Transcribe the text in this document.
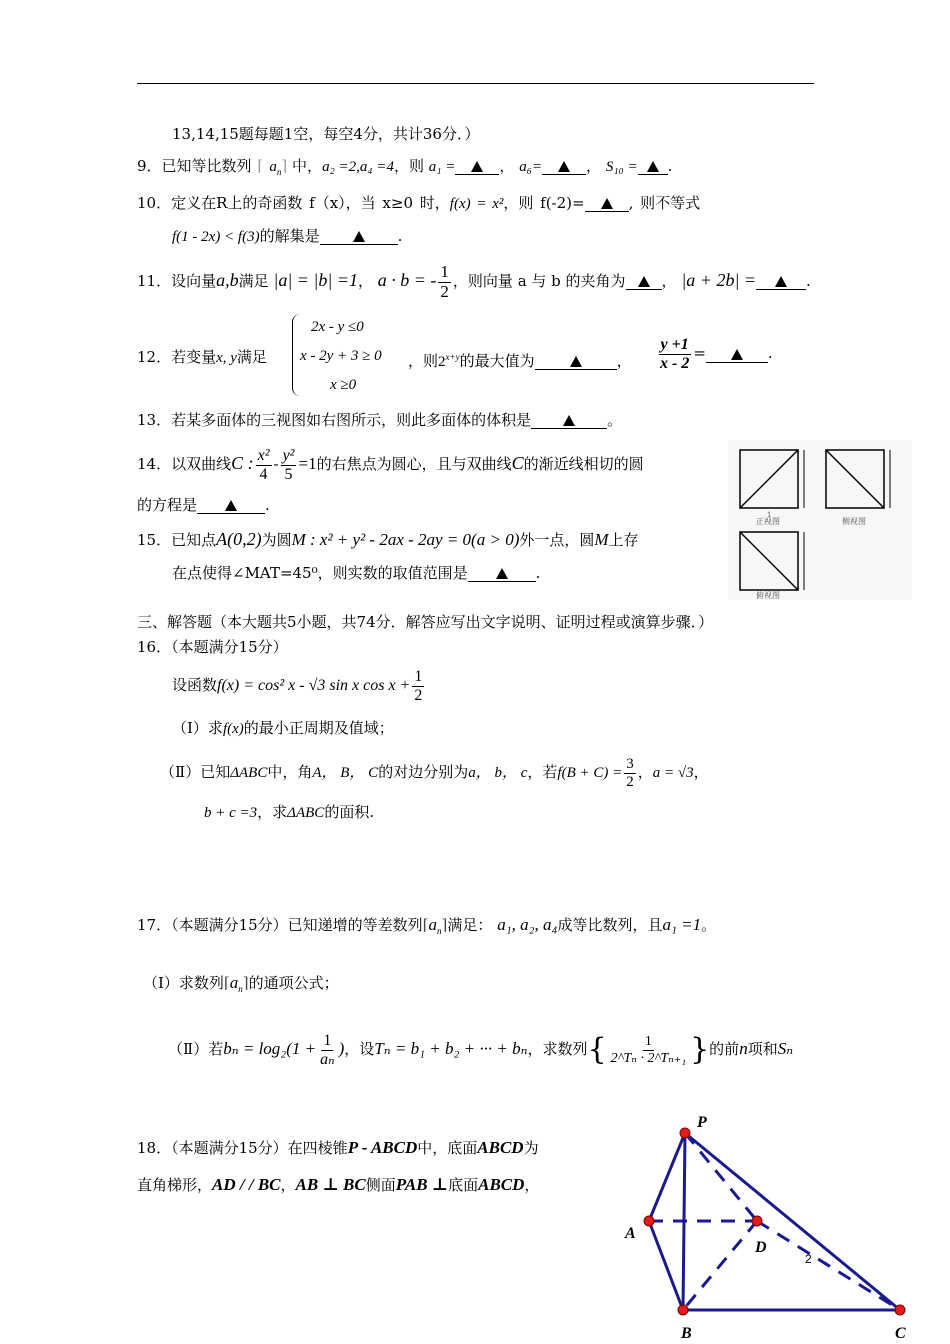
13,14,15题每题1空，每空4分，共计36分．）
9．已知等比数列 ⌈ $a_n⌉$ 中，a₂ =2,a₄ =4，则 a₁ =	， a₆=	， S₁₀ = .
10．定义在R上的奇函数 f（x），当 x≥0 时，f(x) = x²，则 f(-2)=	, 则不等式
f(1 - 2x) < f(3)的解集是	.
11．设向量a,b满足 |a| = |b| =1， a · b = - $\frac{1}{2}$ ，则向量 a 与 b 的夹角为 ， |a + 2b| =	.
12．若变量x, y满足
2x - y ≤0
x - 2y + 3 ≥ 0
x ≥0
，则$2^{x+y}$的最大值为	， $\frac{y +1}{x - 2}$ =	.
13．若某多面体的三视图如右图所示，则此多面体的体积是	。
14．以双曲线C : $\frac{\text{x²}}{4} - \frac{\text{y²}}{5} =1$的右焦点为圆心，且与双曲线C的渐近线相切的圆
的方程是	.
15．已知点A(0,2)为圆M : x² + y² - 2ax - 2ay = 0(a > 0)外一点，圆M上存
在点使得∠MAT=45⁰，则实数的取值范围是	.
正视图	侧视图
俯视图
1
三、解答题（本大题共5小题，共74分．解答应写出文字说明、证明过程或演算步骤．）
16．（本题满分15分）
设函数f(x) = cos² x - √3 sin x $\cos x + \frac{1}{2}$
（Ⅰ）求f(x)的最小正周期及值域；
（Ⅱ）已知ΔABC中，角A， B， C的对边分别为a， b， c，若$f(B + C) = \frac{3}{2}$ ，a = √3，
b + c =3，求ΔABC的面积.
17．（本题满分15分）已知递增的等差数列$⌈a_n⌉$满足： a₁, a₂, a₄成等比数列，且a₁ =1。
（Ⅰ）求数列$⌈a_n⌉$的通项公式；
（Ⅱ）若$b_n = \log_2(1 + \frac{1}{\text{aₙ}}$ )，设Tₙ = b₁ + b₂ + ··· + bₙ，求数列{ $\frac{1}{\text{2\textasciicircum{}Tₙ · 2\textasciicircum{}Tₙ₊₁}}$ }的前n项和Sₙ
18．（本题满分15分）在四棱锥P - ABCD中，底面ABCD为
直角梯形，AD / / BC，AB ⊥ BC侧面PAB ⊥底面ABCD，
P
A
B	C
D
2
